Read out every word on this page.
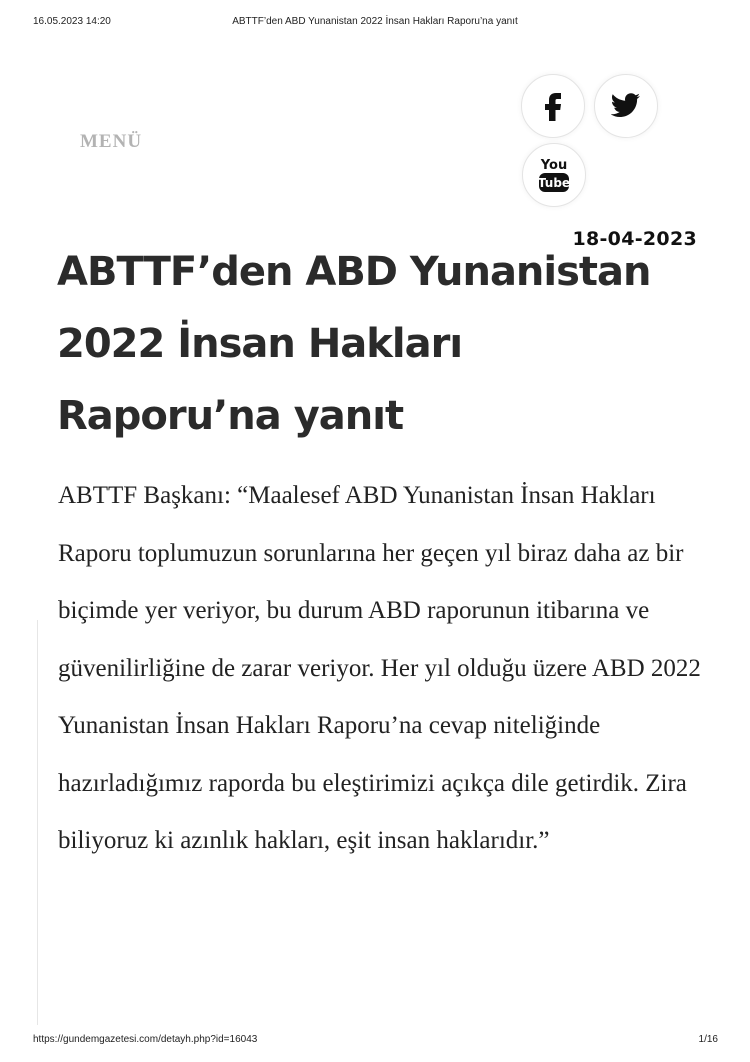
16.05.2023 14:20	ABTTF’den ABD Yunanistan 2022 İnsan Hakları Raporu’na yanıt
MENÜ
You
Tube
18-04-2023
ABTTF’den ABD Yunanistan 2022 İnsan Hakları Raporu’na yanıt

ABTTF Başkanı: “Maalesef ABD Yunanistan İnsan Hakları Raporu toplumuzun sorunlarına her geçen yıl biraz daha az bir biçimde yer veriyor, bu durum ABD raporunun itibarına ve güvenilirliğine de zarar veriyor. Her yıl olduğu üzere ABD 2022 Yunanistan İnsan Hakları Raporu’na cevap niteliğinde hazırladığımız raporda bu eleştirimizi açıkça dile getirdik. Zira biliyoruz ki azınlık hakları, eşit insan haklarıdır.”

https://gundemgazetesi.com/detayh.php?id=16043	1/16
